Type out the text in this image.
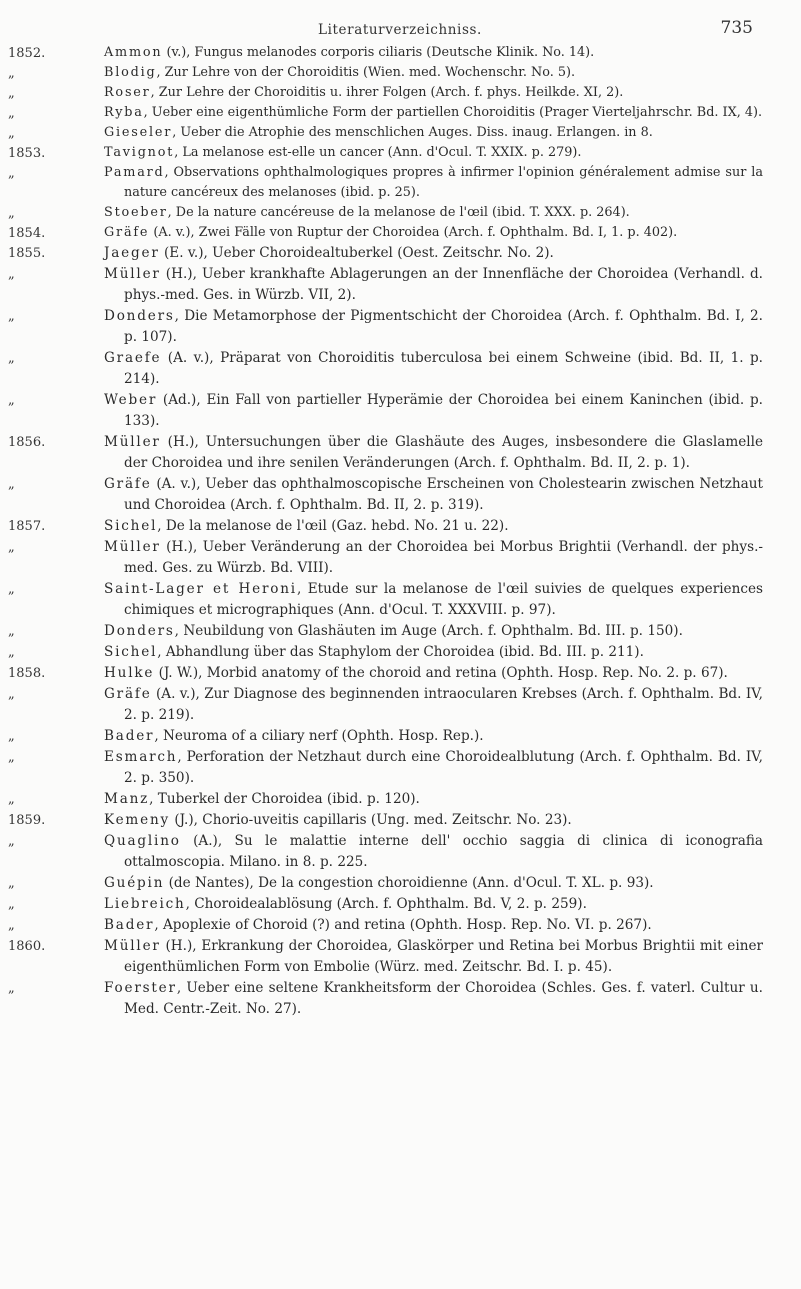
Literaturverzeichniss.	735
1852.	Ammon (v.), Fungus melanodes corporis ciliaris (Deutsche Klinik. No. 14).
„	Blodig, Zur Lehre von der Choroiditis (Wien. med. Wochenschr. No. 5).
„	Roser, Zur Lehre der Choroiditis u. ihrer Folgen (Arch. f. phys. Heilkde. XI, 2).
„	Ryba, Ueber eine eigenthümliche Form der partiellen Choroiditis (Prager Vierteljahrschr. Bd. IX, 4).
„	Gieseler, Ueber die Atrophie des menschlichen Auges. Diss. inaug. Erlangen. in 8.
1853.	Tavignot, La melanose est-elle un cancer (Ann. d'Ocul. T. XXIX. p. 279).
„	Pamard, Observations ophthalmologiques propres à infirmer l'opinion généralement admise sur la nature cancéreux des melanoses (ibid. p. 25).
„	Stoeber, De la nature cancéreuse de la melanose de l'œil (ibid. T. XXX. p. 264).
1854.	Gräfe (A. v.), Zwei Fälle von Ruptur der Choroidea (Arch. f. Ophthalm. Bd. I, 1. p. 402).
1855.	Jaeger (E. v.), Ueber Choroidealtuberkel (Oest. Zeitschr. No. 2).
„	Müller (H.), Ueber krankhafte Ablagerungen an der Innenfläche der Choroidea (Verhandl. d. phys.-med. Ges. in Würzb. VII, 2).
„	Donders, Die Metamorphose der Pigmentschicht der Choroidea (Arch. f. Ophthalm. Bd. I, 2. p. 107).
„	Graefe (A. v.), Präparat von Choroiditis tuberculosa bei einem Schweine (ibid. Bd. II, 1. p. 214).
„	Weber (Ad.), Ein Fall von partieller Hyperämie der Choroidea bei einem Kaninchen (ibid. p. 133).
1856.	Müller (H.), Untersuchungen über die Glashäute des Auges, insbesondere die Glaslamelle der Choroidea und ihre senilen Veränderungen (Arch. f. Ophthalm. Bd. II, 2. p. 1).
„	Gräfe (A. v.), Ueber das ophthalmoscopische Erscheinen von Cholestearin zwischen Netzhaut und Choroidea (Arch. f. Ophthalm. Bd. II, 2. p. 319).
1857.	Sichel, De la melanose de l'œil (Gaz. hebd. No. 21 u. 22).
„	Müller (H.), Ueber Veränderung an der Choroidea bei Morbus Brightii (Verhandl. der phys.-med. Ges. zu Würzb. Bd. VIII).
„	Saint-Lager et Heroni, Etude sur la melanose de l'œil suivies de quelques experiences chimiques et micrographiques (Ann. d'Ocul. T. XXXVIII. p. 97).
„	Donders, Neubildung von Glashäuten im Auge (Arch. f. Ophthalm. Bd. III. p. 150).
„	Sichel, Abhandlung über das Staphylom der Choroidea (ibid. Bd. III. p. 211).
1858.	Hulke (J. W.), Morbid anatomy of the choroid and retina (Ophth. Hosp. Rep. No. 2. p. 67).
„	Gräfe (A. v.), Zur Diagnose des beginnenden intraocularen Krebses (Arch. f. Ophthalm. Bd. IV, 2. p. 219).
„	Bader, Neuroma of a ciliary nerf (Ophth. Hosp. Rep.).
„	Esmarch, Perforation der Netzhaut durch eine Choroidealblutung (Arch. f. Ophthalm. Bd. IV, 2. p. 350).
„	Manz, Tuberkel der Choroidea (ibid. p. 120).
1859.	Kemeny (J.), Chorio-uveitis capillaris (Ung. med. Zeitschr. No. 23).
„	Quaglino (A.), Su le malattie interne dell' occhio saggia di clinica di iconografia ottalmoscopia. Milano. in 8. p. 225.
„	Guépin (de Nantes), De la congestion choroidienne (Ann. d'Ocul. T. XL. p. 93).
„	Liebreich, Choroidealablösung (Arch. f. Ophthalm. Bd. V, 2. p. 259).
„	Bader, Apoplexie of Choroid (?) and retina (Ophth. Hosp. Rep. No. VI. p. 267).
1860.	Müller (H.), Erkrankung der Choroidea, Glaskörper und Retina bei Morbus Brightii mit einer eigenthümlichen Form von Embolie (Würz. med. Zeitschr. Bd. I. p. 45).
„	Foerster, Ueber eine seltene Krankheitsform der Choroidea (Schles. Ges. f. vaterl. Cultur u. Med. Centr.-Zeit. No. 27).
